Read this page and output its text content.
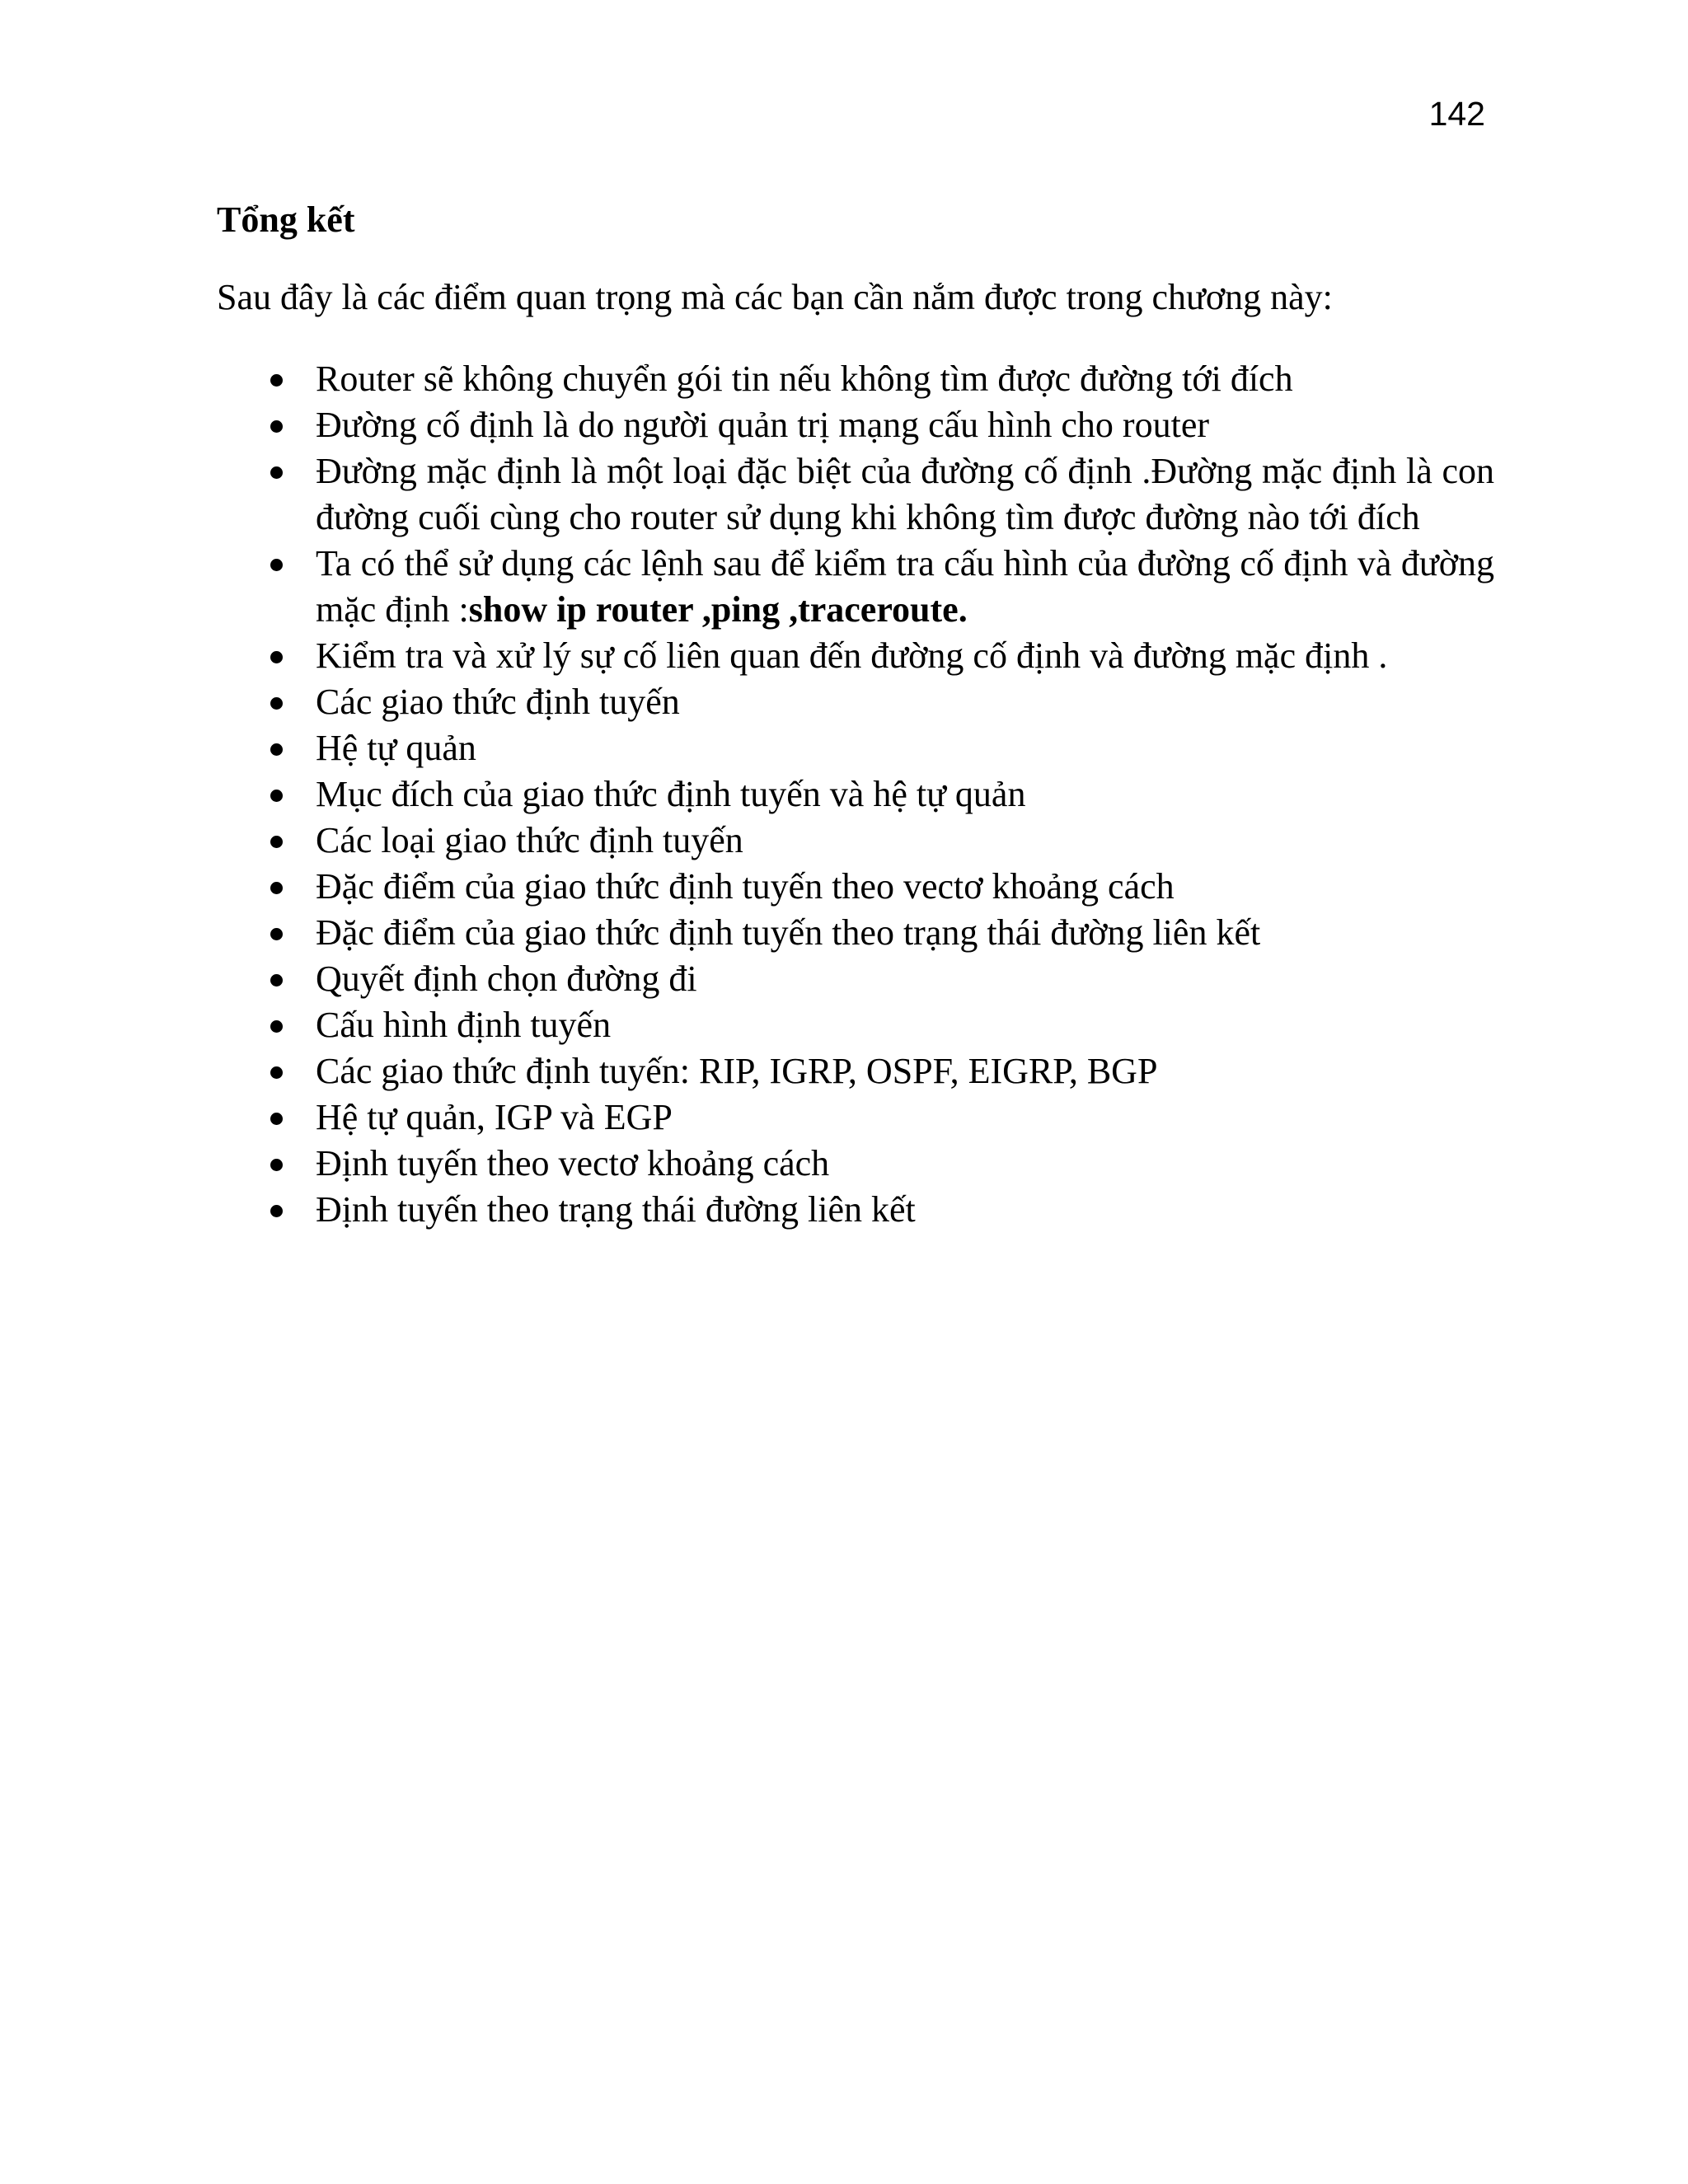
142
Tổng kết

Sau đây là các điểm quan trọng mà các bạn cần nắm được trong chương này:

Router sẽ không chuyển gói tin nếu không tìm được đường tới đích
Đường cố định là do người quản trị mạng cấu hình cho router
Đường mặc định là một loại đặc biệt của đường cố định .Đường mặc định là con đường cuối cùng cho router sử dụng khi không tìm được đường nào tới đích
Ta có thể sử dụng các lệnh sau để kiểm tra cấu hình của đường cố định và đường mặc định :show ip router ,ping ,traceroute.
Kiểm tra và xử lý sự cố liên quan đến đường cố định và đường mặc định .
Các giao thức định tuyến
Hệ tự quản
Mục đích của giao thức định tuyến và hệ tự quản
Các loại giao thức định tuyến
Đặc điểm của giao thức định tuyến theo vectơ khoảng cách
Đặc điểm của giao thức định tuyến theo trạng thái đường liên kết
Quyết định chọn đường đi
Cấu hình định tuyến
Các giao thức định tuyến: RIP, IGRP, OSPF, EIGRP, BGP
Hệ tự quản, IGP và EGP
Định tuyến theo vectơ khoảng cách
Định tuyến theo trạng thái đường liên kết
